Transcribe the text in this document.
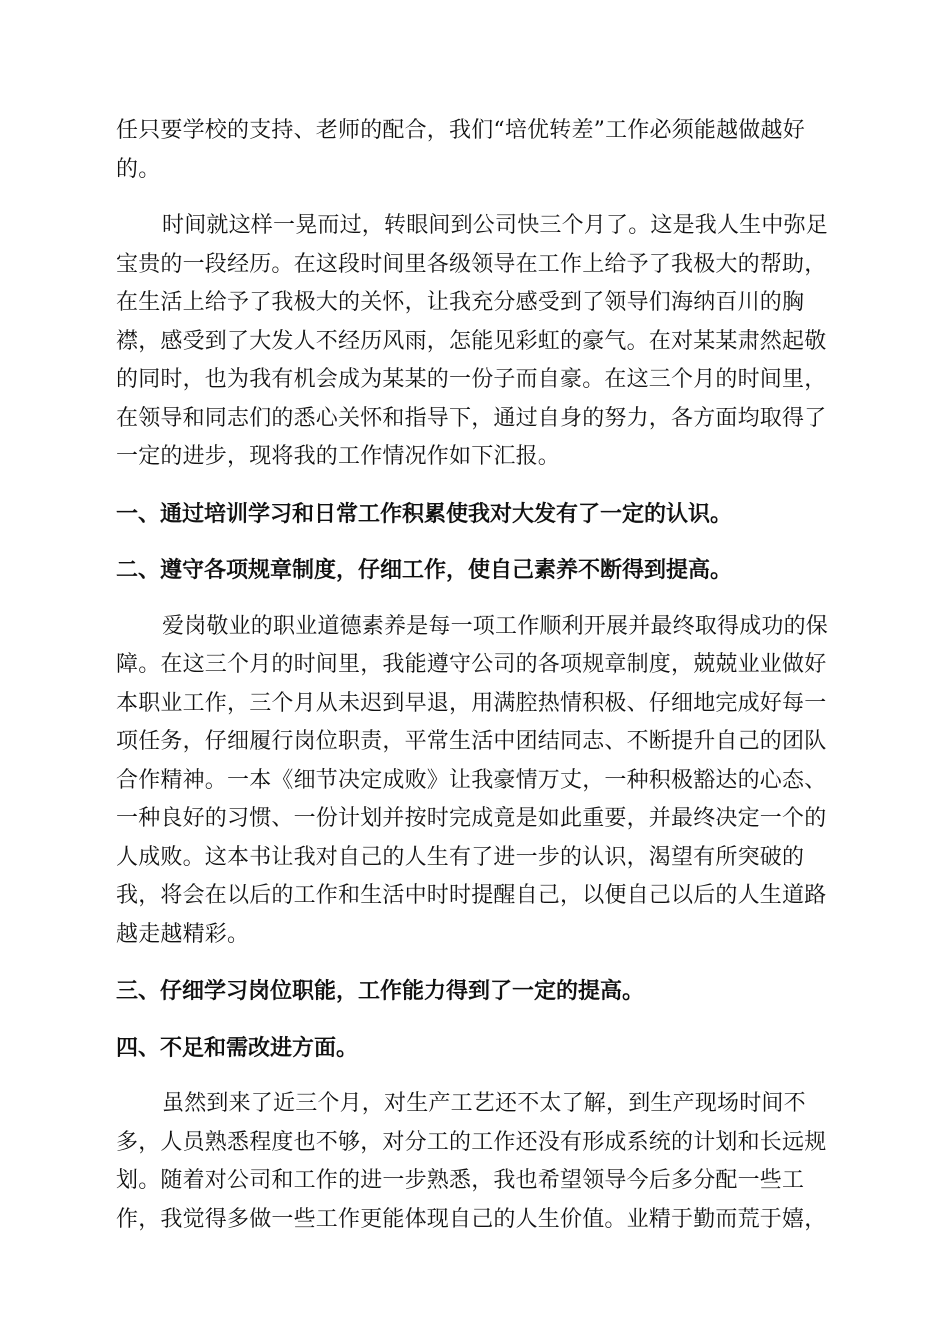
任只要学校的支持、老师的配合，我们“培优转差”工作必须能越做越好
的。
时间就这样一晃而过，转眼间到公司快三个月了。这是我人生中弥足
宝贵的一段经历。在这段时间里各级领导在工作上给予了我极大的帮助，
在生活上给予了我极大的关怀，让我充分感受到了领导们海纳百川的胸
襟，感受到了大发人不经历风雨，怎能见彩虹的豪气。在对某某肃然起敬
的同时，也为我有机会成为某某的一份子而自豪。在这三个月的时间里，
在领导和同志们的悉心关怀和指导下，通过自身的努力，各方面均取得了
一定的进步，现将我的工作情况作如下汇报。
一、通过培训学习和日常工作积累使我对大发有了一定的认识。
二、遵守各项规章制度，仔细工作，使自己素养不断得到提高。
爱岗敬业的职业道德素养是每一项工作顺利开展并最终取得成功的保
障。在这三个月的时间里，我能遵守公司的各项规章制度，兢兢业业做好
本职业工作，三个月从未迟到早退，用满腔热情积极、仔细地完成好每一
项任务，仔细履行岗位职责，平常生活中团结同志、不断提升自己的团队
合作精神。一本《细节决定成败》让我豪情万丈，一种积极豁达的心态、
一种良好的习惯、一份计划并按时完成竟是如此重要，并最终决定一个的
人成败。这本书让我对自己的人生有了进一步的认识，渴望有所突破的
我，将会在以后的工作和生活中时时提醒自己，以便自己以后的人生道路
越走越精彩。
三、仔细学习岗位职能，工作能力得到了一定的提高。
四、不足和需改进方面。
虽然到来了近三个月，对生产工艺还不太了解，到生产现场时间不
多，人员熟悉程度也不够，对分工的工作还没有形成系统的计划和长远规
划。随着对公司和工作的进一步熟悉，我也希望领导今后多分配一些工
作，我觉得多做一些工作更能体现自己的人生价值。业精于勤而荒于嬉，
